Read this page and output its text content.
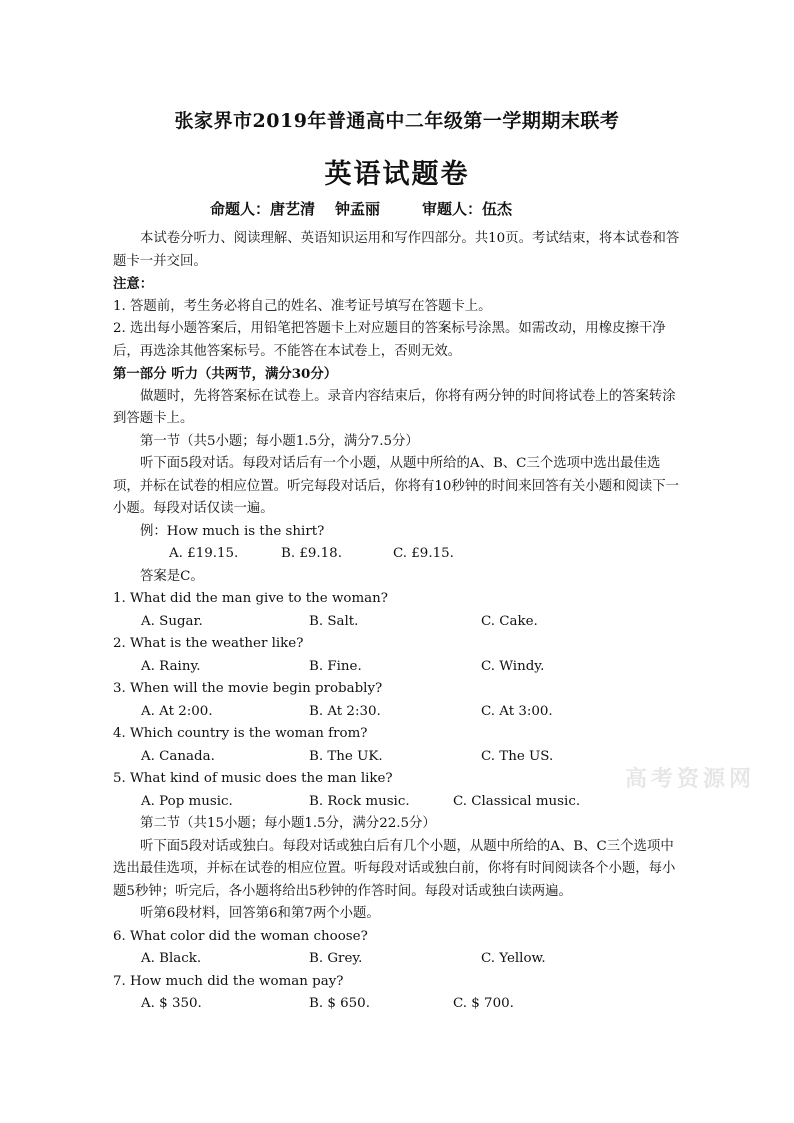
张家界市2019年普通高中二年级第一学期期末联考
英语试题卷
命题人：唐艺清 钟孟丽	审题人：伍杰

本试卷分听力、阅读理解、英语知识运用和写作四部分。共10页。考试结束，将本试卷和答题卡一并交回。

注意：

1. 答题前，考生务必将自己的姓名、准考证号填写在答题卡上。

2. 选出每小题答案后，用铅笔把答题卡上对应题目的答案标号涂黑。如需改动，用橡皮擦干净后，再选涂其他答案标号。不能答在本试卷上，否则无效。

第一部分 听力（共两节，满分30分）

做题时，先将答案标在试卷上。录音内容结束后，你将有两分钟的时间将试卷上的答案转涂到答题卡上。

第一节（共5小题；每小题1.5分，满分7.5分）

听下面5段对话。每段对话后有一个小题，从题中所给的A、B、C三个选项中选出最佳选项，并标在试卷的相应位置。听完每段对话后，你将有10秒钟的时间来回答有关小题和阅读下一小题。每段对话仅读一遍。

例：How much is the shirt?

A. £19.15.	B. £9.18.	C. £9.15.

答案是C。

1. What did the man give to the woman?

A. Sugar.	B. Salt.	C. Cake.

2. What is the weather like?

A. Rainy.	B. Fine.	C. Windy.

3. When will the movie begin probably?

A. At 2:00.	B. At 2:30.	C. At 3:00.

4. Which country is the woman from?

A. Canada.	B. The UK.	C. The US.

5. What kind of music does the man like?

A. Pop music.	B. Rock music.	C. Classical music.

第二节（共15小题；每小题1.5分，满分22.5分）

听下面5段对话或独白。每段对话或独白后有几个小题，从题中所给的A、B、C三个选项中选出最佳选项，并标在试卷的相应位置。听每段对话或独白前，你将有时间阅读各个小题，每小题5秒钟；听完后，各小题将给出5秒钟的作答时间。每段对话或独白读两遍。

听第6段材料，回答第6和第7两个小题。

6. What color did the woman choose?

A. Black.	B. Grey.	C. Yellow.

7. How much did the woman pay?

A. $ 350.	B. $ 650.	C. $ 700.
高考资源网
